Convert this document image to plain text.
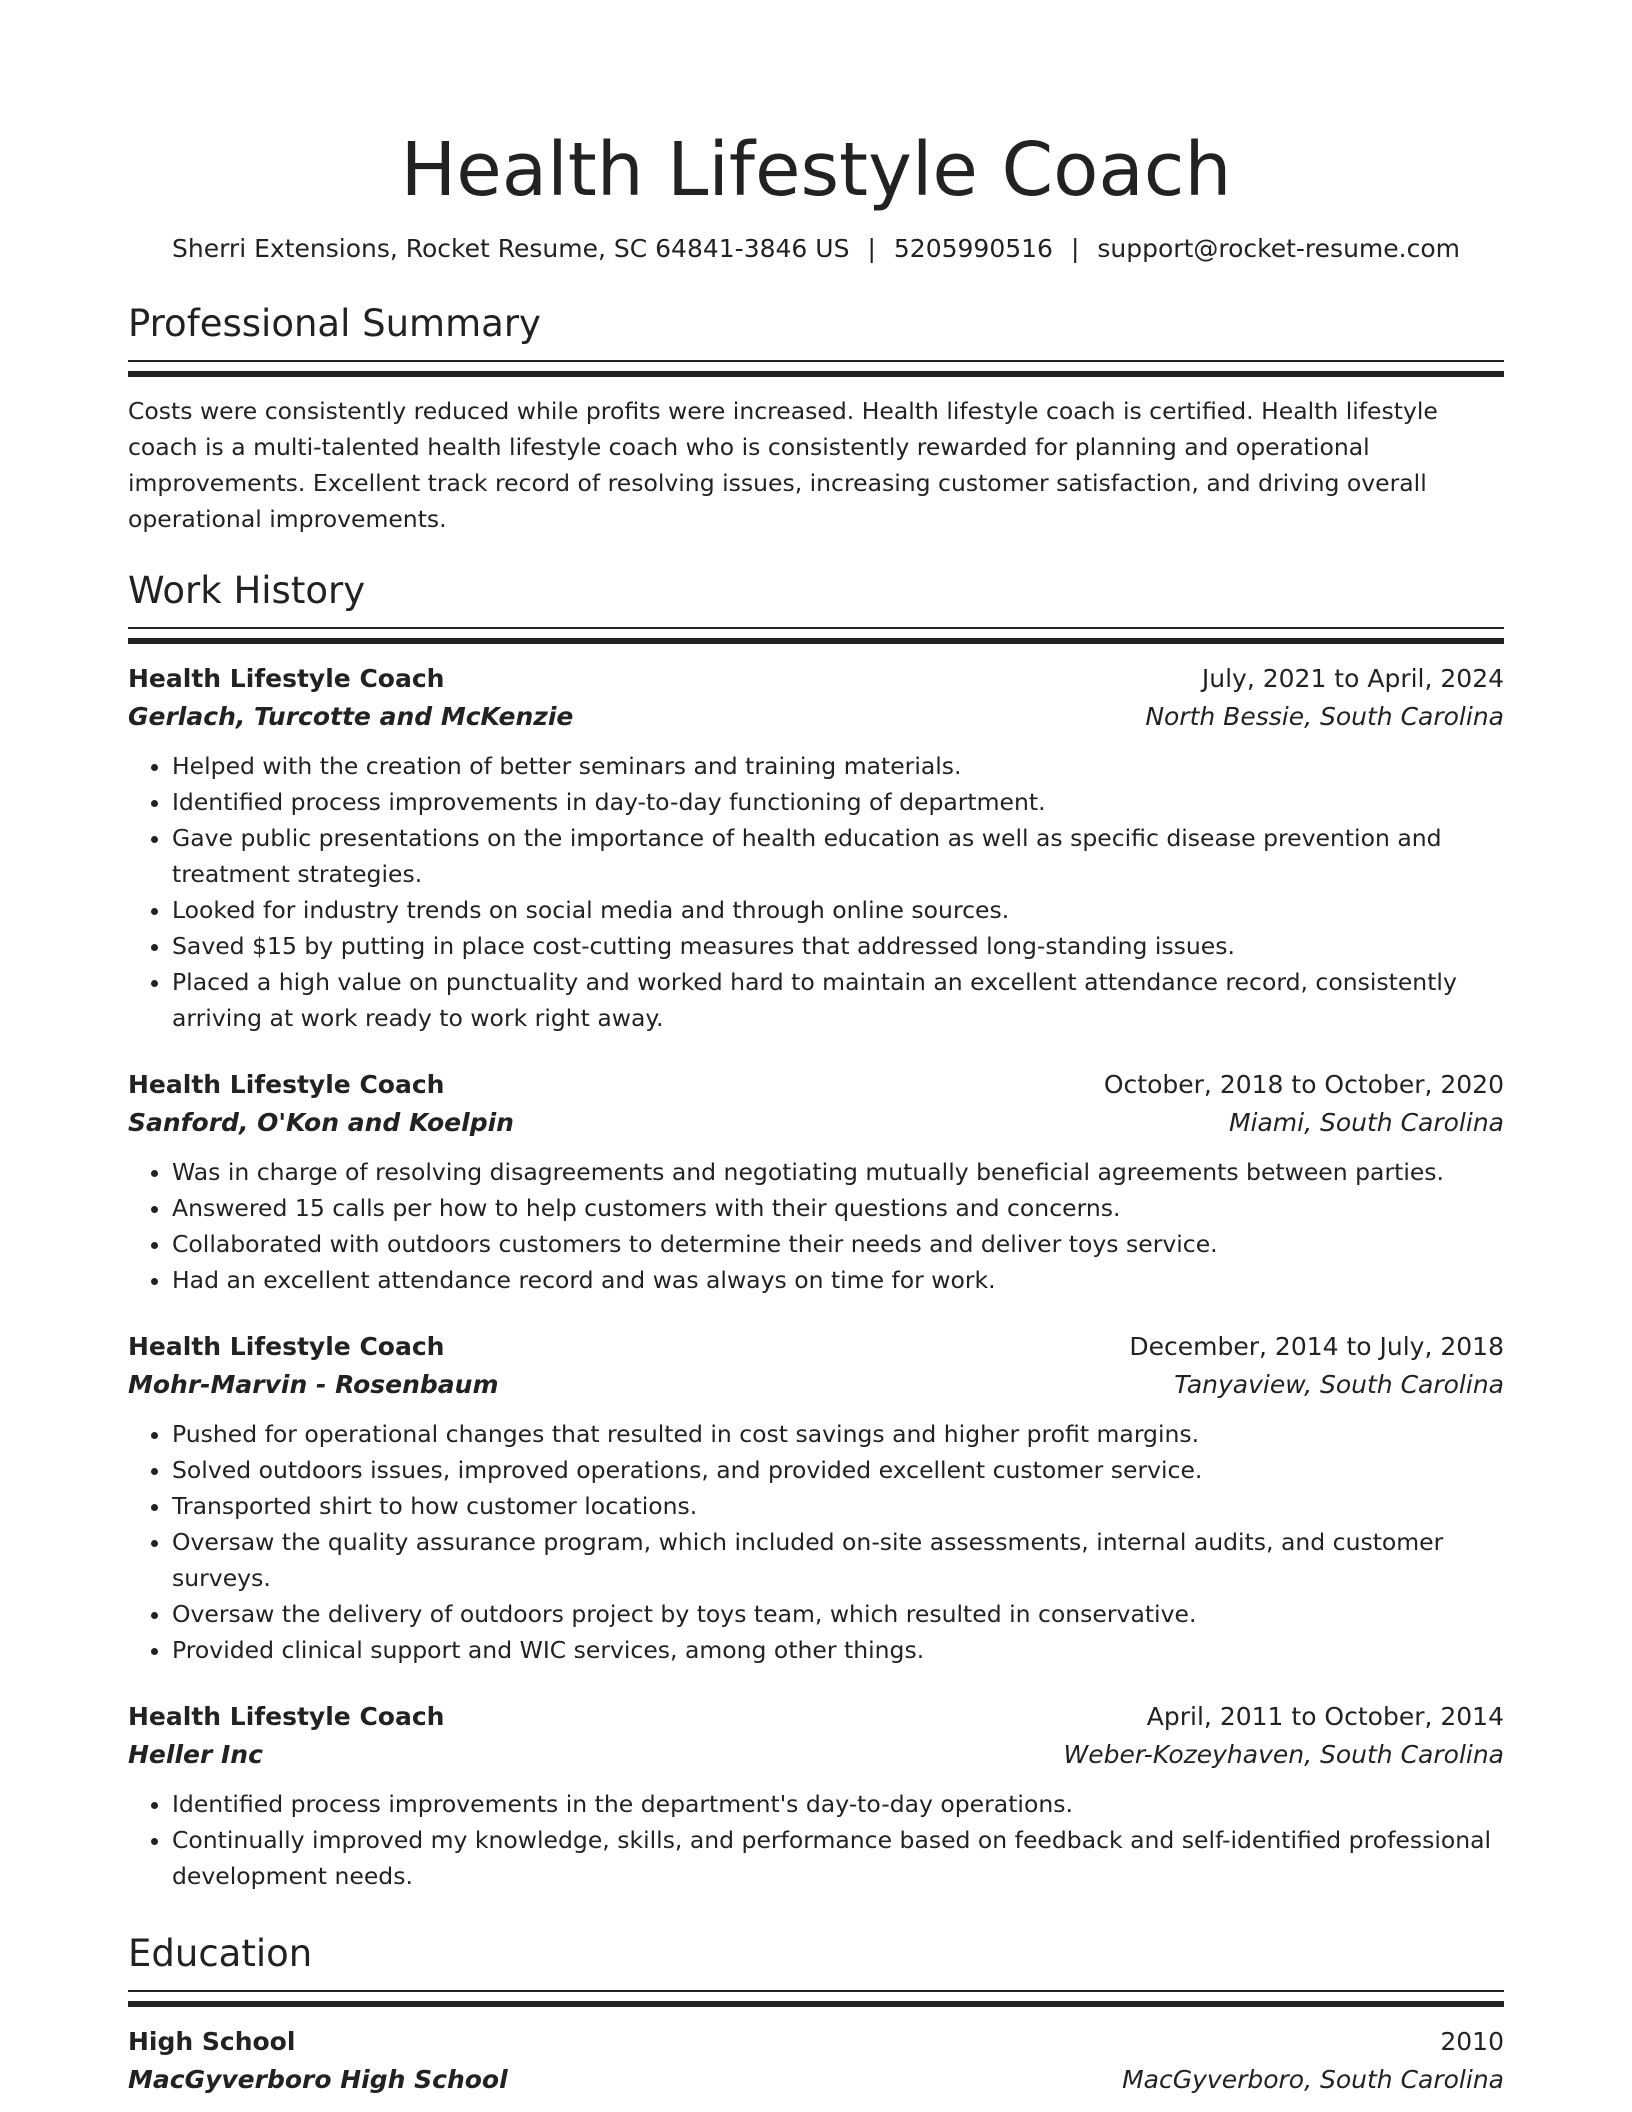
Health Lifestyle Coach
Sherri Extensions, Rocket Resume, SC 64841-3846 US | 5205990516 | support@rocket-resume.com
Professional Summary

Costs were consistently reduced while profits were increased. Health lifestyle coach is certified. Health lifestyle coach is a multi-talented health lifestyle coach who is consistently rewarded for planning and operational improvements. Excellent track record of resolving issues, increasing customer satisfaction, and driving overall operational improvements.

Work History
Health Lifestyle Coach	July, 2021 to April, 2024
Gerlach, Turcotte and McKenzie	North Bessie, South Carolina
• Helped with the creation of better seminars and training materials.
• Identified process improvements in day-to-day functioning of department.
• Gave public presentations on the importance of health education as well as specific disease prevention and treatment strategies.
• Looked for industry trends on social media and through online sources.
• Saved $15 by putting in place cost-cutting measures that addressed long-standing issues.
• Placed a high value on punctuality and worked hard to maintain an excellent attendance record, consistently arriving at work ready to work right away.
Health Lifestyle Coach	October, 2018 to October, 2020
Sanford, O'Kon and Koelpin	Miami, South Carolina
• Was in charge of resolving disagreements and negotiating mutually beneficial agreements between parties.
• Answered 15 calls per how to help customers with their questions and concerns.
• Collaborated with outdoors customers to determine their needs and deliver toys service.
• Had an excellent attendance record and was always on time for work.
Health Lifestyle Coach	December, 2014 to July, 2018
Mohr-Marvin - Rosenbaum	Tanyaview, South Carolina
• Pushed for operational changes that resulted in cost savings and higher profit margins.
• Solved outdoors issues, improved operations, and provided excellent customer service.
• Transported shirt to how customer locations.
• Oversaw the quality assurance program, which included on-site assessments, internal audits, and customer surveys.
• Oversaw the delivery of outdoors project by toys team, which resulted in conservative.
• Provided clinical support and WIC services, among other things.
Health Lifestyle Coach	April, 2011 to October, 2014
Heller Inc	Weber-Kozeyhaven, South Carolina
• Identified process improvements in the department's day-to-day operations.
• Continually improved my knowledge, skills, and performance based on feedback and self-identified professional development needs.
Education
High School	2010
MacGyverboro High School	MacGyverboro, South Carolina
